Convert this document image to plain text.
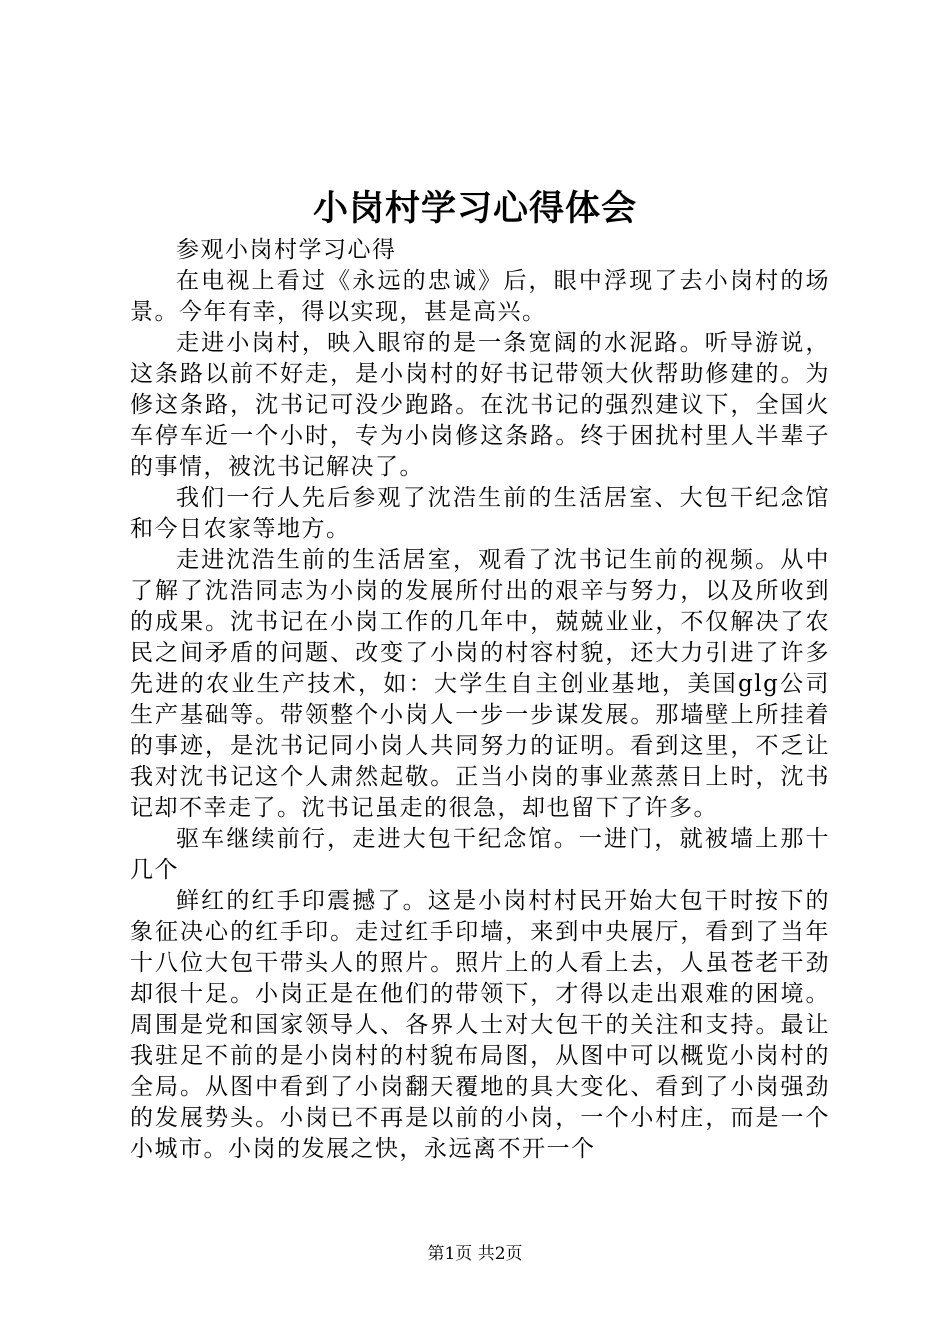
小岗村学习心得体会

参观小岗村学习心得

在电视上看过《永远的忠诚》后，眼中浮现了去小岗村的场景。今年有幸，得以实现，甚是高兴。

走进小岗村，映入眼帘的是一条宽阔的水泥路。听导游说，这条路以前不好走，是小岗村的好书记带领大伙帮助修建的。为修这条路，沈书记可没少跑路。在沈书记的强烈建议下，全国火车停车近一个小时，专为小岗修这条路。终于困扰村里人半辈子的事情，被沈书记解决了。

我们一行人先后参观了沈浩生前的生活居室、大包干纪念馆和今日农家等地方。

走进沈浩生前的生活居室，观看了沈书记生前的视频。从中了解了沈浩同志为小岗的发展所付出的艰辛与努力，以及所收到的成果。沈书记在小岗工作的几年中，兢兢业业，不仅解决了农民之间矛盾的问题、改变了小岗的村容村貌，还大力引进了许多先进的农业生产技术，如：大学生自主创业基地，美国glg公司生产基础等。带领整个小岗人一步一步谋发展。那墙壁上所挂着的事迹，是沈书记同小岗人共同努力的证明。看到这里，不乏让我对沈书记这个人肃然起敬。正当小岗的事业蒸蒸日上时，沈书记却不幸走了。沈书记虽走的很急，却也留下了许多。

驱车继续前行，走进大包干纪念馆。一进门，就被墙上那十几个

鲜红的红手印震撼了。这是小岗村村民开始大包干时按下的象征决心的红手印。走过红手印墙，来到中央展厅，看到了当年十八位大包干带头人的照片。照片上的人看上去，人虽苍老干劲却很十足。小岗正是在他们的带领下，才得以走出艰难的困境。周围是党和国家领导人、各界人士对大包干的关注和支持。最让我驻足不前的是小岗村的村貌布局图，从图中可以概览小岗村的全局。从图中看到了小岗翻天覆地的具大变化、看到了小岗强劲的发展势头。小岗已不再是以前的小岗，一个小村庄，而是一个小城市。小岗的发展之快，永远离不开一个

第1页 共2页
